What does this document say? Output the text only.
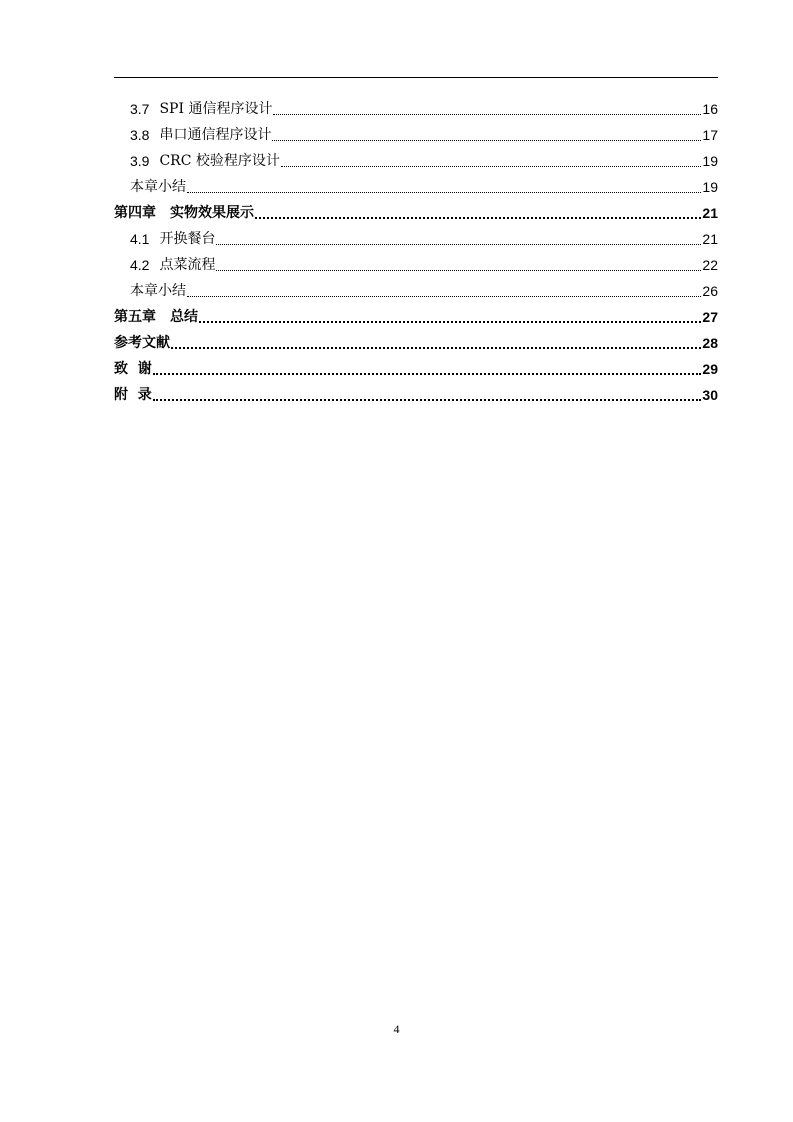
3.7 SPI 通信程序设计	16
3.8 串口通信程序设计	17
3.9 CRC 校验程序设计	19
本章小结	19
第四章　实物效果展示	21
4.1 开换餐台	21
4.2 点菜流程	22
本章小结	26
第五章　总结	27
参考文献	28
致  谢	29
附  录	30
4
